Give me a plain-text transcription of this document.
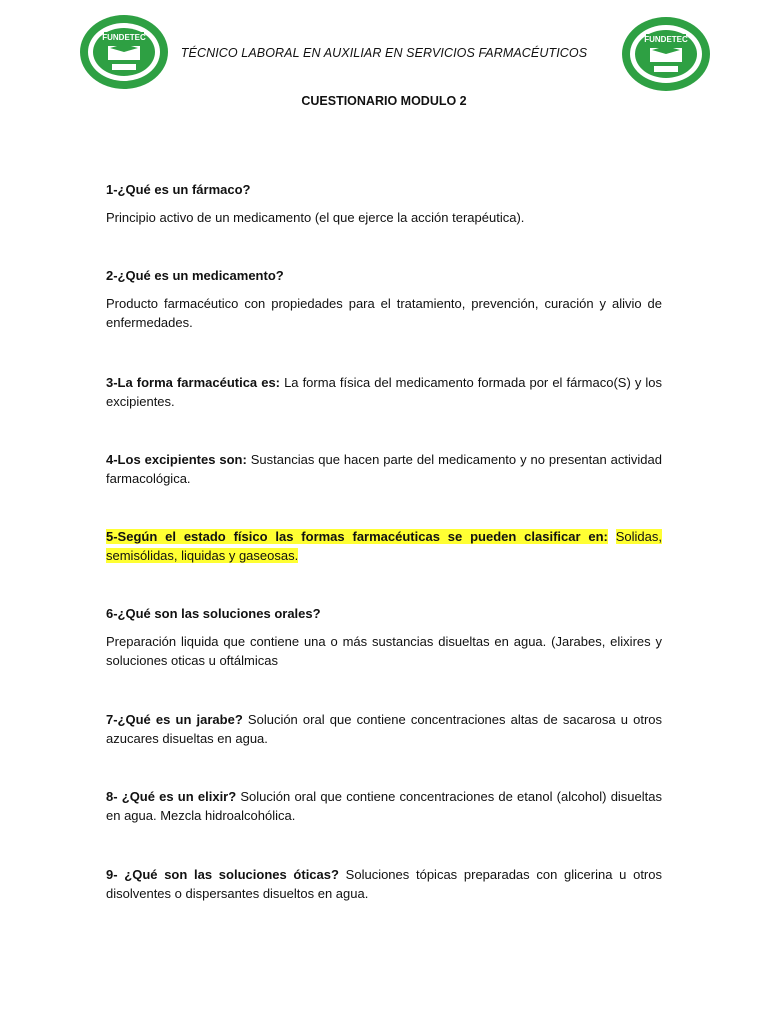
FUNDETEC	FUNDETEC
TÉCNICO LABORAL EN AUXILIAR EN SERVICIOS FARMACÉUTICOS
CUESTIONARIO MODULO 2
1-¿Qué es un fármaco?
Principio activo de un medicamento (el que ejerce la acción terapéutica).
2-¿Qué es un medicamento?
Producto farmacéutico con propiedades para el tratamiento, prevención, curación y alivio de enfermedades.
3-La forma farmacéutica es: La forma física del medicamento formada por el fármaco(S) y los excipientes.
4-Los excipientes son: Sustancias que hacen parte del medicamento y no presentan actividad farmacológica.
5-Según el estado físico las formas farmacéuticas se pueden clasificar en: Solidas, semisólidas, liquidas y gaseosas.
6-¿Qué son las soluciones orales?
Preparación liquida que contiene una o más sustancias disueltas en agua. (Jarabes, elixires y soluciones oticas u oftálmicas
7-¿Qué es un jarabe? Solución oral que contiene concentraciones altas de sacarosa u otros azucares disueltas en agua.
8- ¿Qué es un elixir? Solución oral que contiene concentraciones de etanol (alcohol) disueltas en agua. Mezcla hidroalcohólica.
9- ¿Qué son las soluciones óticas? Soluciones tópicas preparadas con glicerina u otros disolventes o dispersantes disueltos en agua.
